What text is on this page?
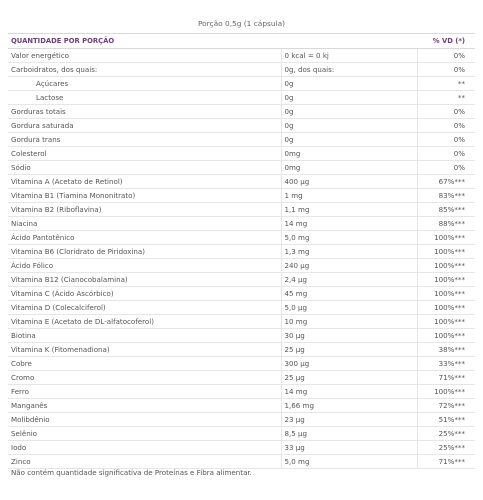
Porção 0,5g (1 cápsula)
QUANTIDADE POR PORÇÃO		% VD (*)
Valor energético	0 kcal = 0 kj	0%
Carboidratos, dos quais:	0g, dos quais:	0%
Açúcares	0g	**
Lactose	0g	**
Gorduras totais	0g	0%
Gordura saturada	0g	0%
Gordura trans	0g	0%
Colesterol	0mg	0%
Sódio	0mg	0%
Vitamina A (Acetato de Retinol)	400 µg	67%***
Vitamina B1 (Tiamina Mononitrato)	1 mg	83%***
Vitamina B2 (Riboflavina)	1,1 mg	85%***
Niacina	14 mg	88%***
Ácido Pantotênico	5,0 mg	100%***
Vitamina B6 (Cloridrato de Piridoxina)	1,3 mg	100%***
Ácido Fólico	240 µg	100%***
Vitamina B12 (Cianocobalamina)	2,4 µg	100%***
Vitamina C (Ácido Ascórbico)	45 mg	100%***
Vitamina D (Colecalciferol)	5,0 µg	100%***
Vitamina E (Acetato de DL-alfatocoferol)	10 mg	100%***
Biotina	30 µg	100%***
Vitamina K (Fitomenadiona)	25 µg	38%***
Cobre	300 µg	33%***
Cromo	25 µg	71%***
Ferro	14 mg	100%***
Manganês	1,66 mg	72%***
Molibdênio	23 µg	51%***
Selênio	8,5 µg	25%***
Iodo	33 µg	25%***
Zinco	5,0 mg	71%***
Não contém quantidade significativa de Proteínas e Fibra alimentar.
